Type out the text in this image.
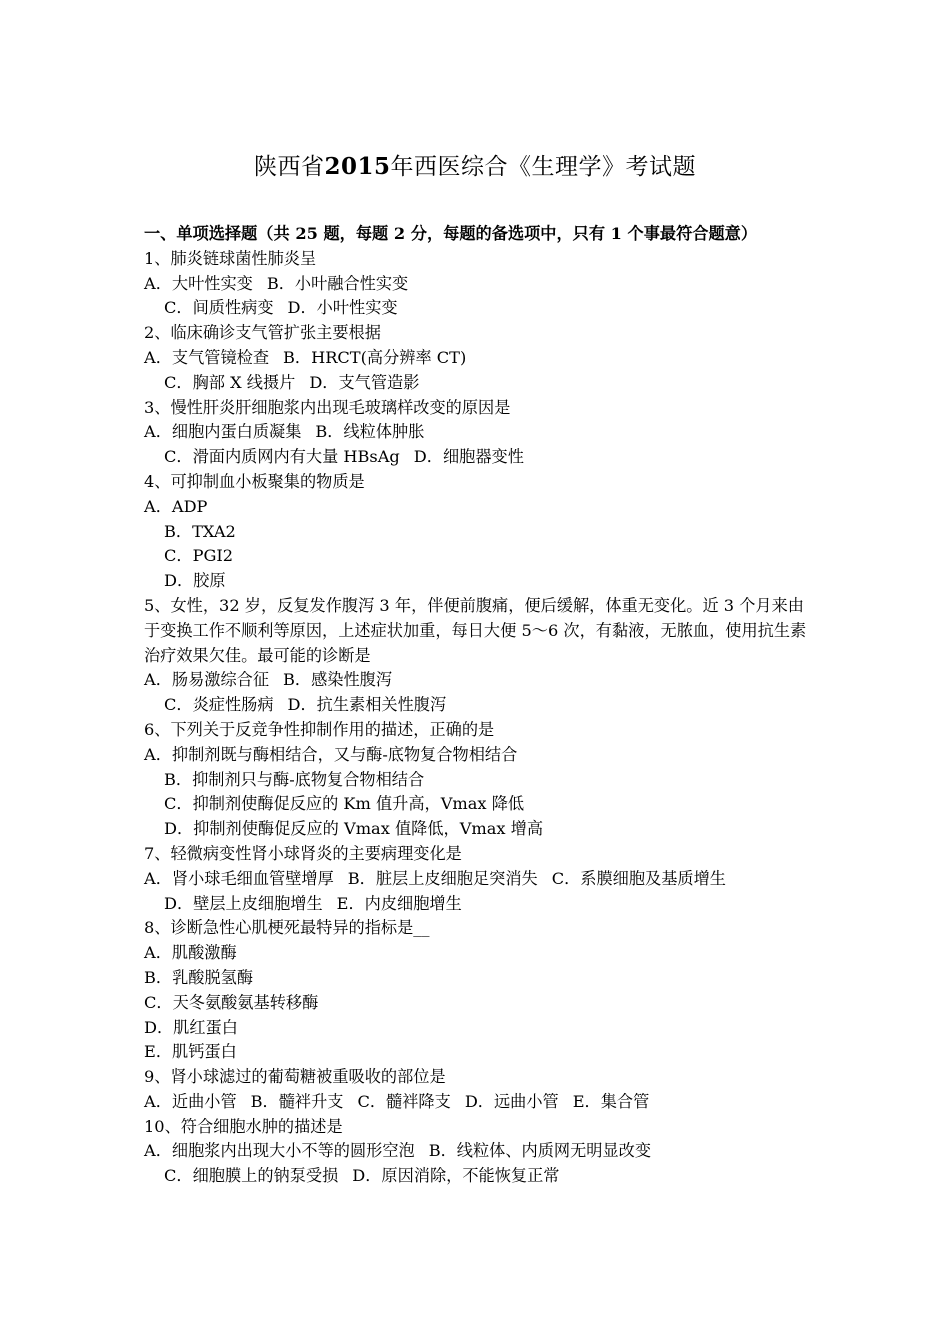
陕西省2015年西医综合《生理学》考试题
一、单项选择题（共 25 题，每题 2 分，每题的备选项中，只有 1 个事最符合题意）
1、肺炎链球菌性肺炎呈
A．大叶性实变 B．小叶融合性实变
C．间质性病变 D．小叶性实变
2、临床确诊支气管扩张主要根据
A．支气管镜检查 B．HRCT(高分辨率 CT)
C．胸部 X 线摄片 D．支气管造影
3、慢性肝炎肝细胞浆内出现毛玻璃样改变的原因是
A．细胞内蛋白质凝集 B．线粒体肿胀
C．滑面内质网内有大量 HBsAg D．细胞器变性
4、可抑制血小板聚集的物质是
A．ADP
B．TXA2
C．PGI2
D．胶原
5、女性，32 岁，反复发作腹泻 3 年，伴便前腹痛，便后缓解，体重无变化。近 3 个月来由于变换工作不顺利等原因，上述症状加重，每日大便 5～6 次，有黏液，无脓血，使用抗生素治疗效果欠佳。最可能的诊断是
A．肠易激综合征 B．感染性腹泻
C．炎症性肠病 D．抗生素相关性腹泻
6、下列关于反竞争性抑制作用的描述，正确的是
A．抑制剂既与酶相结合，又与酶-底物复合物相结合
B．抑制剂只与酶-底物复合物相结合
C．抑制剂使酶促反应的 Km 值升高，Vmax 降低
D．抑制剂使酶促反应的 Vmax 值降低，Vmax 增高
7、轻微病变性肾小球肾炎的主要病理变化是
A．肾小球毛细血管壁增厚 B．脏层上皮细胞足突消失 C．系膜细胞及基质增生
D．壁层上皮细胞增生 E．内皮细胞增生
8、诊断急性心肌梗死最特异的指标是__
A．肌酸激酶
B．乳酸脱氢酶
C．天冬氨酸氨基转移酶
D．肌红蛋白
E．肌钙蛋白
9、肾小球滤过的葡萄糖被重吸收的部位是
A．近曲小管 B．髓袢升支 C．髓袢降支 D．远曲小管 E．集合管
10、符合细胞水肿的描述是
A．细胞浆内出现大小不等的圆形空泡 B．线粒体、内质网无明显改变
C．细胞膜上的钠泵受损 D．原因消除，不能恢复正常
